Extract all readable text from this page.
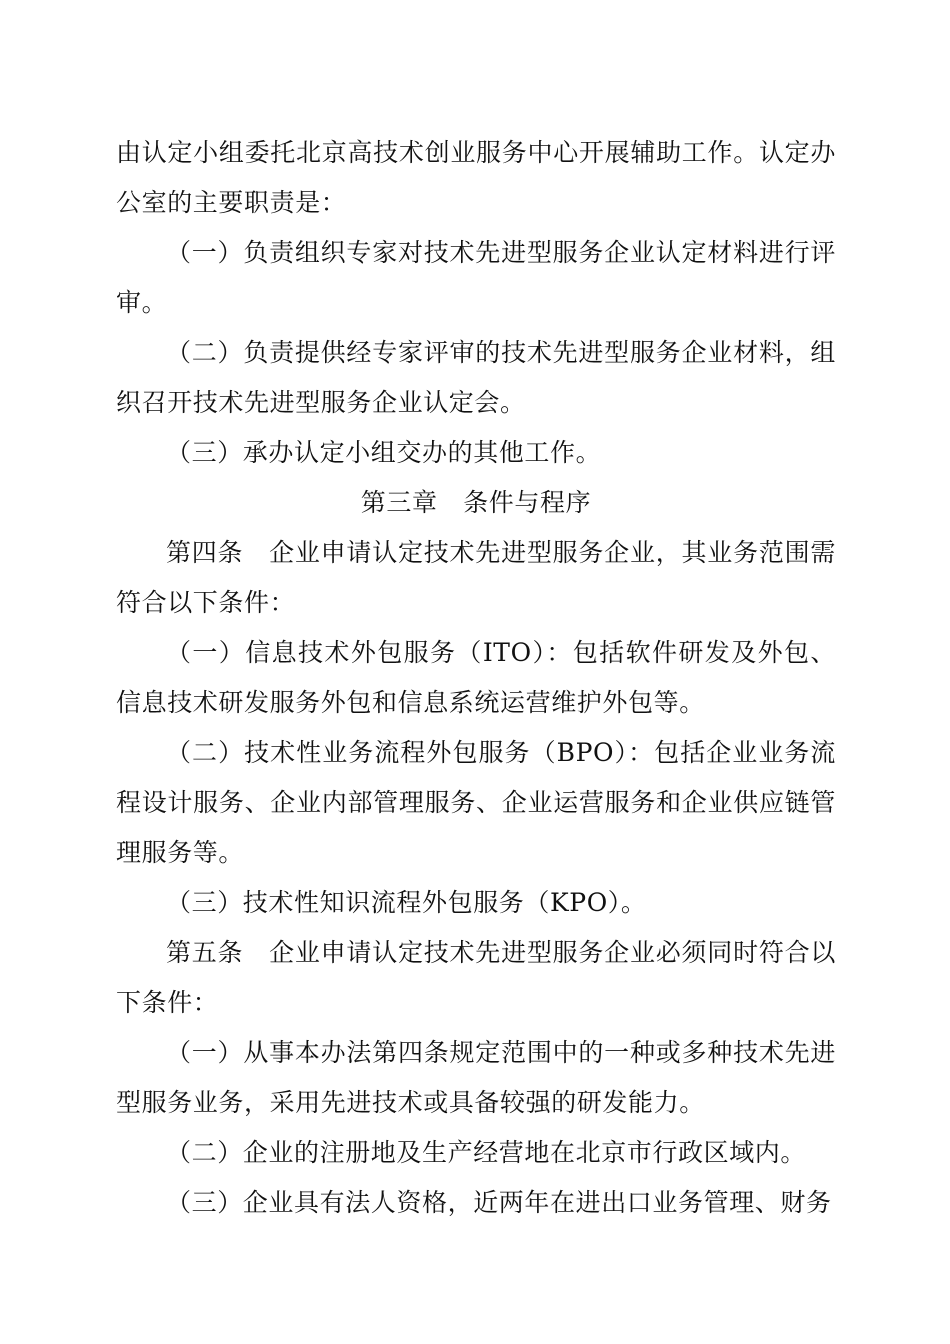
由认定小组委托北京高技术创业服务中心开展辅助工作。认定办公室的主要职责是：

（一）负责组织专家对技术先进型服务企业认定材料进行评审。

（二）负责提供经专家评审的技术先进型服务企业材料，组织召开技术先进型服务企业认定会。

（三）承办认定小组交办的其他工作。

第三章　条件与程序

第四条　企业申请认定技术先进型服务企业，其业务范围需符合以下条件：

（一）信息技术外包服务（ITO）：包括软件研发及外包、信息技术研发服务外包和信息系统运营维护外包等。

（二）技术性业务流程外包服务（BPO）：包括企业业务流程设计服务、企业内部管理服务、企业运营服务和企业供应链管理服务等。

（三）技术性知识流程外包服务（KPO）。

第五条　企业申请认定技术先进型服务企业必须同时符合以下条件：

（一）从事本办法第四条规定范围中的一种或多种技术先进型服务业务，采用先进技术或具备较强的研发能力。

（二）企业的注册地及生产经营地在北京市行政区域内。

（三）企业具有法人资格，近两年在进出口业务管理、财务
